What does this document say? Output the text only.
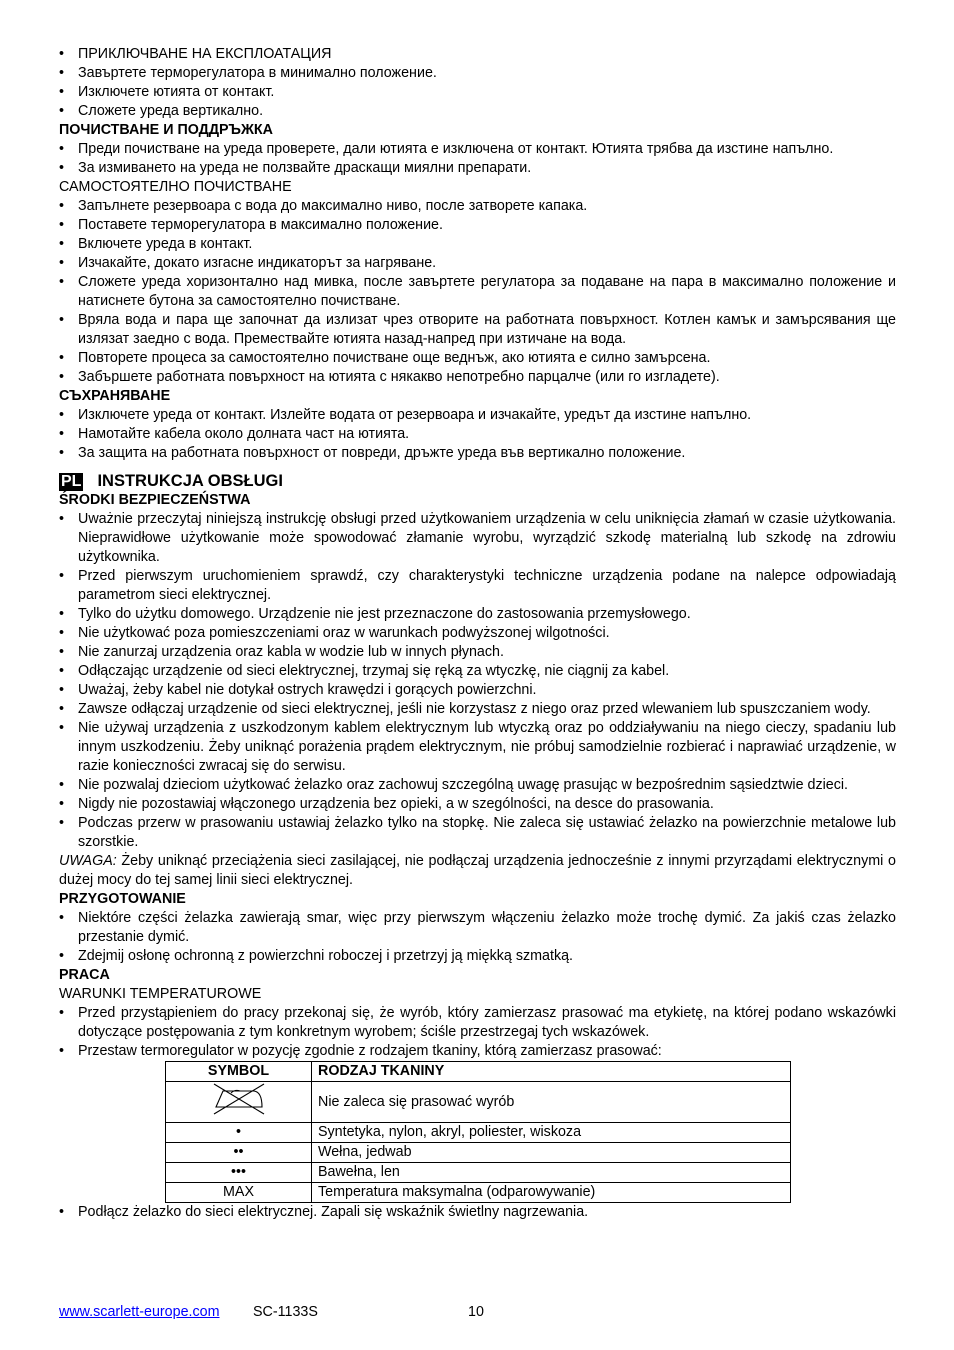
• ПРИКЛЮЧВАНЕ НА ЕКСПЛОАТАЦИЯ
• Завъртете терморегулатора в минимално положение.
• Изключете ютията от контакт.
• Сложете уреда вертикално.

ПОЧИСТВАНЕ И ПОДДРЪЖКА

• Преди почистване на уреда проверете, дали ютията е изключена от контакт. Ютията трябва да изстине напълно.
• За измиването на уреда не ползвайте драскащи миялни препарати.

САМОСТОЯТЕЛНО ПОЧИСТВАНЕ

• Запълнете резервоара с вода до максимално ниво, после затворете капака.
• Поставете терморегулатора в максимално положение.
• Включете уреда в контакт.
• Изчакайте, докато изгасне индикаторът за нагряване.
• Сложете уреда хоризонтално над мивка, после завъртете регулатора за подаване на пара в максимално положение и натиснете бутона за самостоятелно почистване.
• Вряла вода и пара ще започнат да излизат чрез отворите на работната повърхност. Котлен камък и замърсявания ще излязат заедно с вода. Премествайте ютията назад-напред при изтичане на вода.
• Повторете процеса за самостоятелно почистване още веднъж, ако ютията е силно замърсена.
• Забършете работната повърхност на ютията с някакво непотребно парцалче (или го изгладете).

СЪХРАНЯВАНЕ

• Изключете уреда от контакт. Излейте водата от резервоара и изчакайте, уредът да изстине напълно.
• Намотайте кабела около долната част на ютията.
• За защита на работната повърхност от повреди, дръжте уреда във вертикално положение.
PL INSTRUKCJA OBSŁUGI

ŚRODKI BEZPIECZEŃSTWA

• Uważnie przeczytaj niniejszą instrukcję obsługi przed użytkowaniem urządzenia w celu uniknięcia złamań w czasie użytkowania. Nieprawidłowe użytkowanie może spowodować złamanie wyrobu, wyrządzić szkodę materialną lub szkodę na zdrowiu użytkownika.
• Przed pierwszym uruchomieniem sprawdź, czy charakterystyki techniczne urządzenia podane na nalepce odpowiadają parametrom sieci elektrycznej.
• Tylko do użytku domowego. Urządzenie nie jest przeznaczone do zastosowania przemysłowego.
• Nie użytkować poza pomieszczeniami oraz w warunkach podwyższonej wilgotności.
• Nie zanurzaj urządzenia oraz kabla w wodzie lub w innych płynach.
• Odłączając urządzenie od sieci elektrycznej, trzymaj się ręką za wtyczkę, nie ciągnij za kabel.
• Uważaj, żeby kabel nie dotykał ostrych krawędzi i gorących powierzchni.
• Zawsze odłączaj urządzenie od sieci elektrycznej, jeśli nie korzystasz z niego oraz przed wlewaniem lub spuszczaniem wody.
• Nie używaj urządzenia z uszkodzonym kablem elektrycznym lub wtyczką oraz po oddziaływaniu na niego cieczy, spadaniu lub innym uszkodzeniu. Żeby uniknąć porażenia prądem elektrycznym, nie próbuj samodzielnie rozbierać i naprawiać urządzenie, w razie konieczności zwracaj się do serwisu.
• Nie pozwalaj dzieciom użytkować żelazko oraz zachowuj szczególną uwagę prasując w bezpośrednim sąsiedztwie dzieci.
• Nigdy nie pozostawiaj włączonego urządzenia bez opieki, a w szególności, na desce do prasowania.
• Podczas przerw w prasowaniu ustawiaj żelazko tylko na stopkę. Nie zaleca się ustawiać żelazko na powierzchnie metalowe lub szorstkie.

UWAGA: Żeby uniknąć przeciążenia sieci zasilającej, nie podłączaj urządzenia jednocześnie z innymi przyrządami elektrycznymi o dużej mocy do tej samej linii sieci elektrycznej.

PRZYGOTOWANIE

• Niektóre części żelazka zawierają smar, więc przy pierwszym włączeniu żelazko może trochę dymić. Za jakiś czas żelazko przestanie dymić.
• Zdejmij osłonę ochronną z powierzchni roboczej i przetrzyj ją miękką szmatką.

PRACA

WARUNKI TEMPERATUROWE

• Przed przystąpieniem do pracy przekonaj się, że wyrób, który zamierzasz prasować ma etykietę, na której podano wskazówki dotyczące postępowania z tym konkretnym wyrobem; ściśle przestrzegaj tych wskazówek.
• Przestaw termoregulator w pozycję zgodnie z rodzajem tkaniny, którą zamierzasz prasować:
SYMBOL	RODZAJ TKANINY
	Nie zaleca się prasować wyrób
•	Syntetyka, nylon, akryl, poliester, wiskoza
••	Wełna, jedwab
•••	Bawełna, len
MAX	Temperatura maksymalna (odparowywanie)
• Podłącz żelazko do sieci elektrycznej. Zapali się wskaźnik świetlny nagrzewania.
www.scarlett-europe.com SC-1133S	10
